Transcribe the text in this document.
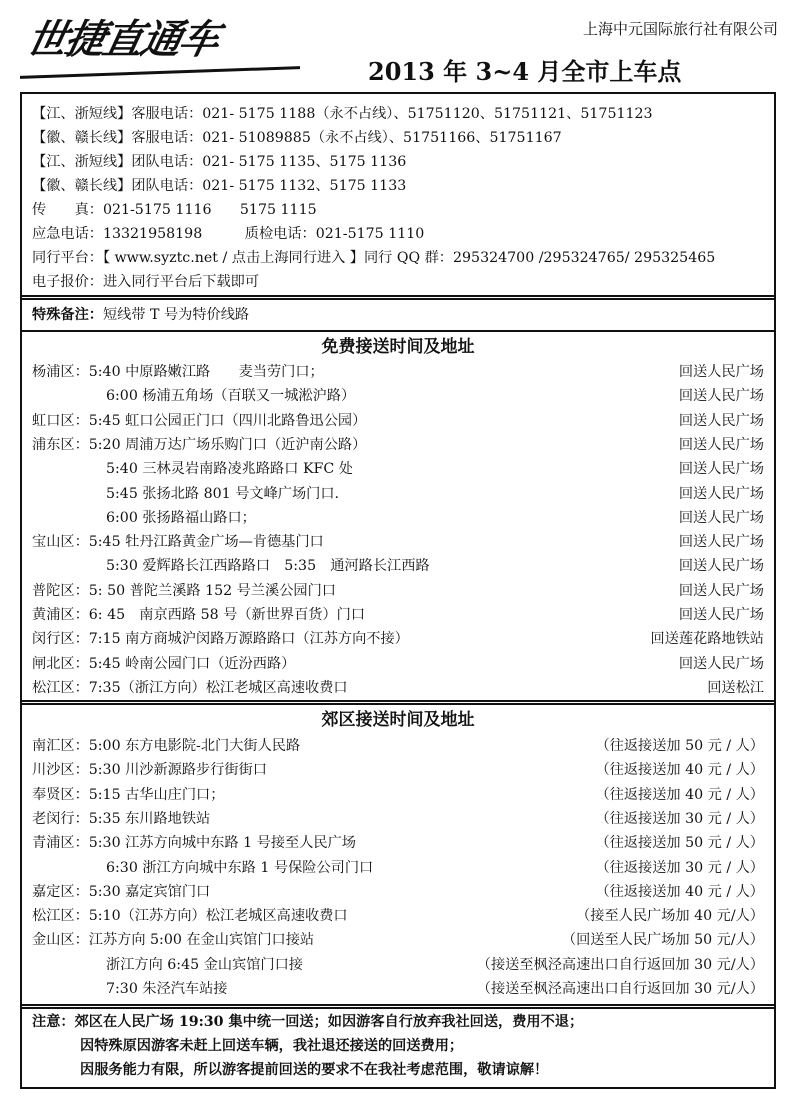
世捷直通车	上海中元国际旅行社有限公司
2013 年 3~4 月全市上车点
【江、浙短线】客服电话：021- 5175 1188（永不占线）、51751120、51751121、51751123
【徽、赣长线】客服电话：021- 51089885（永不占线）、51751166、51751167
【江、浙短线】团队电话：021- 5175 1135、5175 1136
【徽、赣长线】团队电话：021- 5175 1132、5175 1133
传　　真：021-5175 1116　　5175 1115
应急电话：13321958198　　　质检电话：021-5175 1110
同行平台：【 www.syztc.net / 点击上海同行进入 】同行 QQ 群：295324700 /295324765/ 295325465
电子报价：进入同行平台后下载即可
特殊备注：短线带 T 号为特价线路
免费接送时间及地址
杨浦区：5:40 中原路嫩江路　　麦当劳门口；	回送人民广场
6:00 杨浦五角场（百联又一城淞沪路）	回送人民广场
虹口区：5:45 虹口公园正门口（四川北路鲁迅公园）	回送人民广场
浦东区：5:20 周浦万达广场乐购门口（近沪南公路）	回送人民广场
5:40 三林灵岩南路凌兆路路口 KFC 处	回送人民广场
5:45 张扬北路 801 号文峰广场门口.	回送人民广场
6:00 张扬路福山路口；	回送人民广场
宝山区：5:45 牡丹江路黄金广场—肯德基门口	回送人民广场
5:30 爱辉路长江西路路口　5:35　通河路长江西路	回送人民广场
普陀区：5: 50 普陀兰溪路 152 号兰溪公园门口	回送人民广场
黄浦区：6: 45　南京西路 58 号（新世界百货）门口	回送人民广场
闵行区：7:15 南方商城沪闵路万源路路口（江苏方向不接）	回送莲花路地铁站
闸北区：5:45 岭南公园门口（近汾西路）	回送人民广场
松江区：7:35（浙江方向）松江老城区高速收费口	回送松江
郊区接送时间及地址
南汇区：5:00 东方电影院-北门大街人民路	（往返接送加 50 元 / 人）
川沙区：5:30 川沙新源路步行街街口	（往返接送加 40 元 / 人）
奉贤区：5:15 古华山庄门口；	（往返接送加 40 元 / 人）
老闵行：5:35 东川路地铁站	（往返接送加 30 元 / 人）
青浦区：5:30 江苏方向城中东路 1 号接至人民广场	（往返接送加 50 元 / 人）
6:30 浙江方向城中东路 1 号保险公司门口	（往返接送加 30 元 / 人）
嘉定区：5:30 嘉定宾馆门口	（往返接送加 40 元 / 人）
松江区：5:10（江苏方向）松江老城区高速收费口	（接至人民广场加 40 元/人）
金山区：江苏方向 5:00 在金山宾馆门口接站	（回送至人民广场加 50 元/人）
浙江方向 6:45 金山宾馆门口接	（接送至枫泾高速出口自行返回加 30 元/人）
7:30 朱泾汽车站接	（接送至枫泾高速出口自行返回加 30 元/人）
注意：郊区在人民广场 19:30 集中统一回送；如因游客自行放弃我社回送，费用不退；
因特殊原因游客未赶上回送车辆，我社退还接送的回送费用；
因服务能力有限，所以游客提前回送的要求不在我社考虑范围，敬请谅解！
